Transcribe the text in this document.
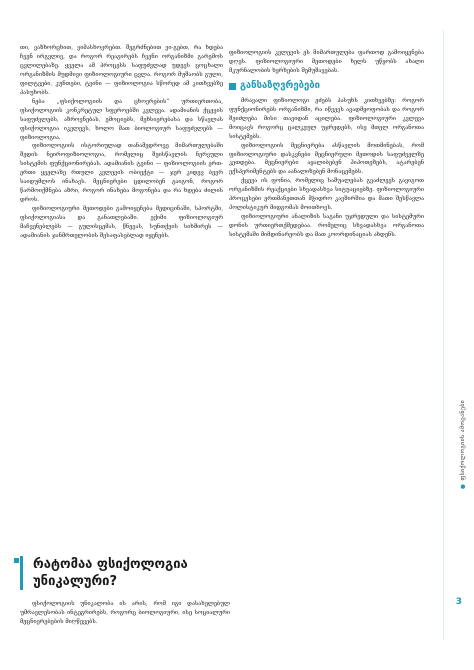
თი, ვაზხორცხით, ვიმასხოვრებთ. შეგრძნებით ვი-გებთ, რა ხდება ჩვენ ირგვლივ, და როგორ რეაგირებს ჩვენი ორგანიზმი გარემოს ცვლილებაზე. ყველა ამ პროცესს საფუძვლად უდევს ცოცხალი ორგანიზმის მუდმივი ფიზიოლოგიური ცვლა. როგორ მუშაობს გული, ფილტვები, კუნთები, ტვინი — ფიზიოლოგია სწორედ ამ კითხვებზე პასუხობს.

ნება „ფსიქოლოგიის და ცხოვრების“ ურთიერთობა, ფსიქოლოგიის კონკრეტულ სფეროებში კვლევა. ადამიანის ქცევის საფუძვლებს, აზროვნებას, ემოციებს, მეხსიერებასა და სწავლას ფსიქოლოგია იკვლევს, ხოლო მათ ბიოლოგიურ საფუძვლებს — ფიზიოლოგია.

ფიზიოლოგიის ისტორიულად თანამედროვე მიმართულებაში შედის ნეიროფიზიოლოგია, რომელიც შეისწავლის ნერვული სისტემის ფუნქციონირებას. ადამიანის ტვინი — ფიზიოლოგიის ერთ-ერთი ყველაზე რთული კვლევის ობიექტი — ჯერ კიდევ ბევრ საიდუმლოს ინახავს. მეცნიერები ცდილობენ გაიგონ, როგორ წარმოიქმნება აზრი, როგორ ინახება მოგონება და რა ხდება ძილის დროს.

ფიზიოლოგიური მეთოდები გამოიყენება მედიცინაში, სპორტში, ფსიქოლოგიასა და განათლებაში. ექიმი ფიზიოლოგიურ მაჩვენებლებს — გულისცემას, წნევას, სუნთქვის სიხშირეს — ადამიანის ჯანმრთელობის შესაფასებლად იყენებს.

ფიზიოლოგიის კვლევის ეს მიმართულება ფართოდ გამოიყენება დღეს. ფიზიოლოგიური მეთოდები ხელს უწყობს ახალი მკურნალობის ხერხების შემუშავებას.

განსაზღვრებები

მრავალი ფიზიოლოგი ეძებს პასუხს კითხვებზე: როგორ ფუნქციონირებს ორგანიზმი, რა იწვევს ავადმყოფობას და როგორ შეიძლება მისი თავიდან აცილება. ფიზიოლოგიური კვლევა მოიცავს როგორც ცალკეულ უჯრედებს, ისე მთელ ორგანოთა სისტემებს.

ფიზიოლოგიის მეცნიერება ასწავლის მოთმინებას, რომ ფიზიოლოგიური დასკვნები მეცნიერული მეთოდის საფუძველზე კეთდება. მეცნიერები აყალიბებენ ჰიპოთეზებს, ატარებენ ექსპერიმენტებს და აანალიზებენ მონაცემებს.

ქცევა ის ფონია, რომელიც საშუალებას გვაძლევს გავიგოთ ორგანიზმის რეაქციები სხვადასხვა სიტუაციებზე. ფიზიოლოგიური პროცესები ერთმანეთთან მჭიდრო კავშირშია და მათი შესწავლა ჰოლისტიკურ მიდგომას მოითხოვს.

ფიზიოლოგიური ანალიზის საგანი უჯრედული და სისტემური დონის ურთიერთქმედებაა. რომელიც სხვადასხვა ორგანოთა სისტემაში მიმდინარეობს და მათ კოორდინაციას ახდენს.

რატომაა ფსიქოლოგია უნიკალური?

ფსიქოლოგიის უნიკალობა ის არის, რომ იგი დასახელებულ უმრავლესობას ინტეგრირებს, როგორც ბიოლოგიური, ისე სოციალური მეცნიერებების მიღწევებს.

● ფსიქოლოგიის ამოცანები
3
